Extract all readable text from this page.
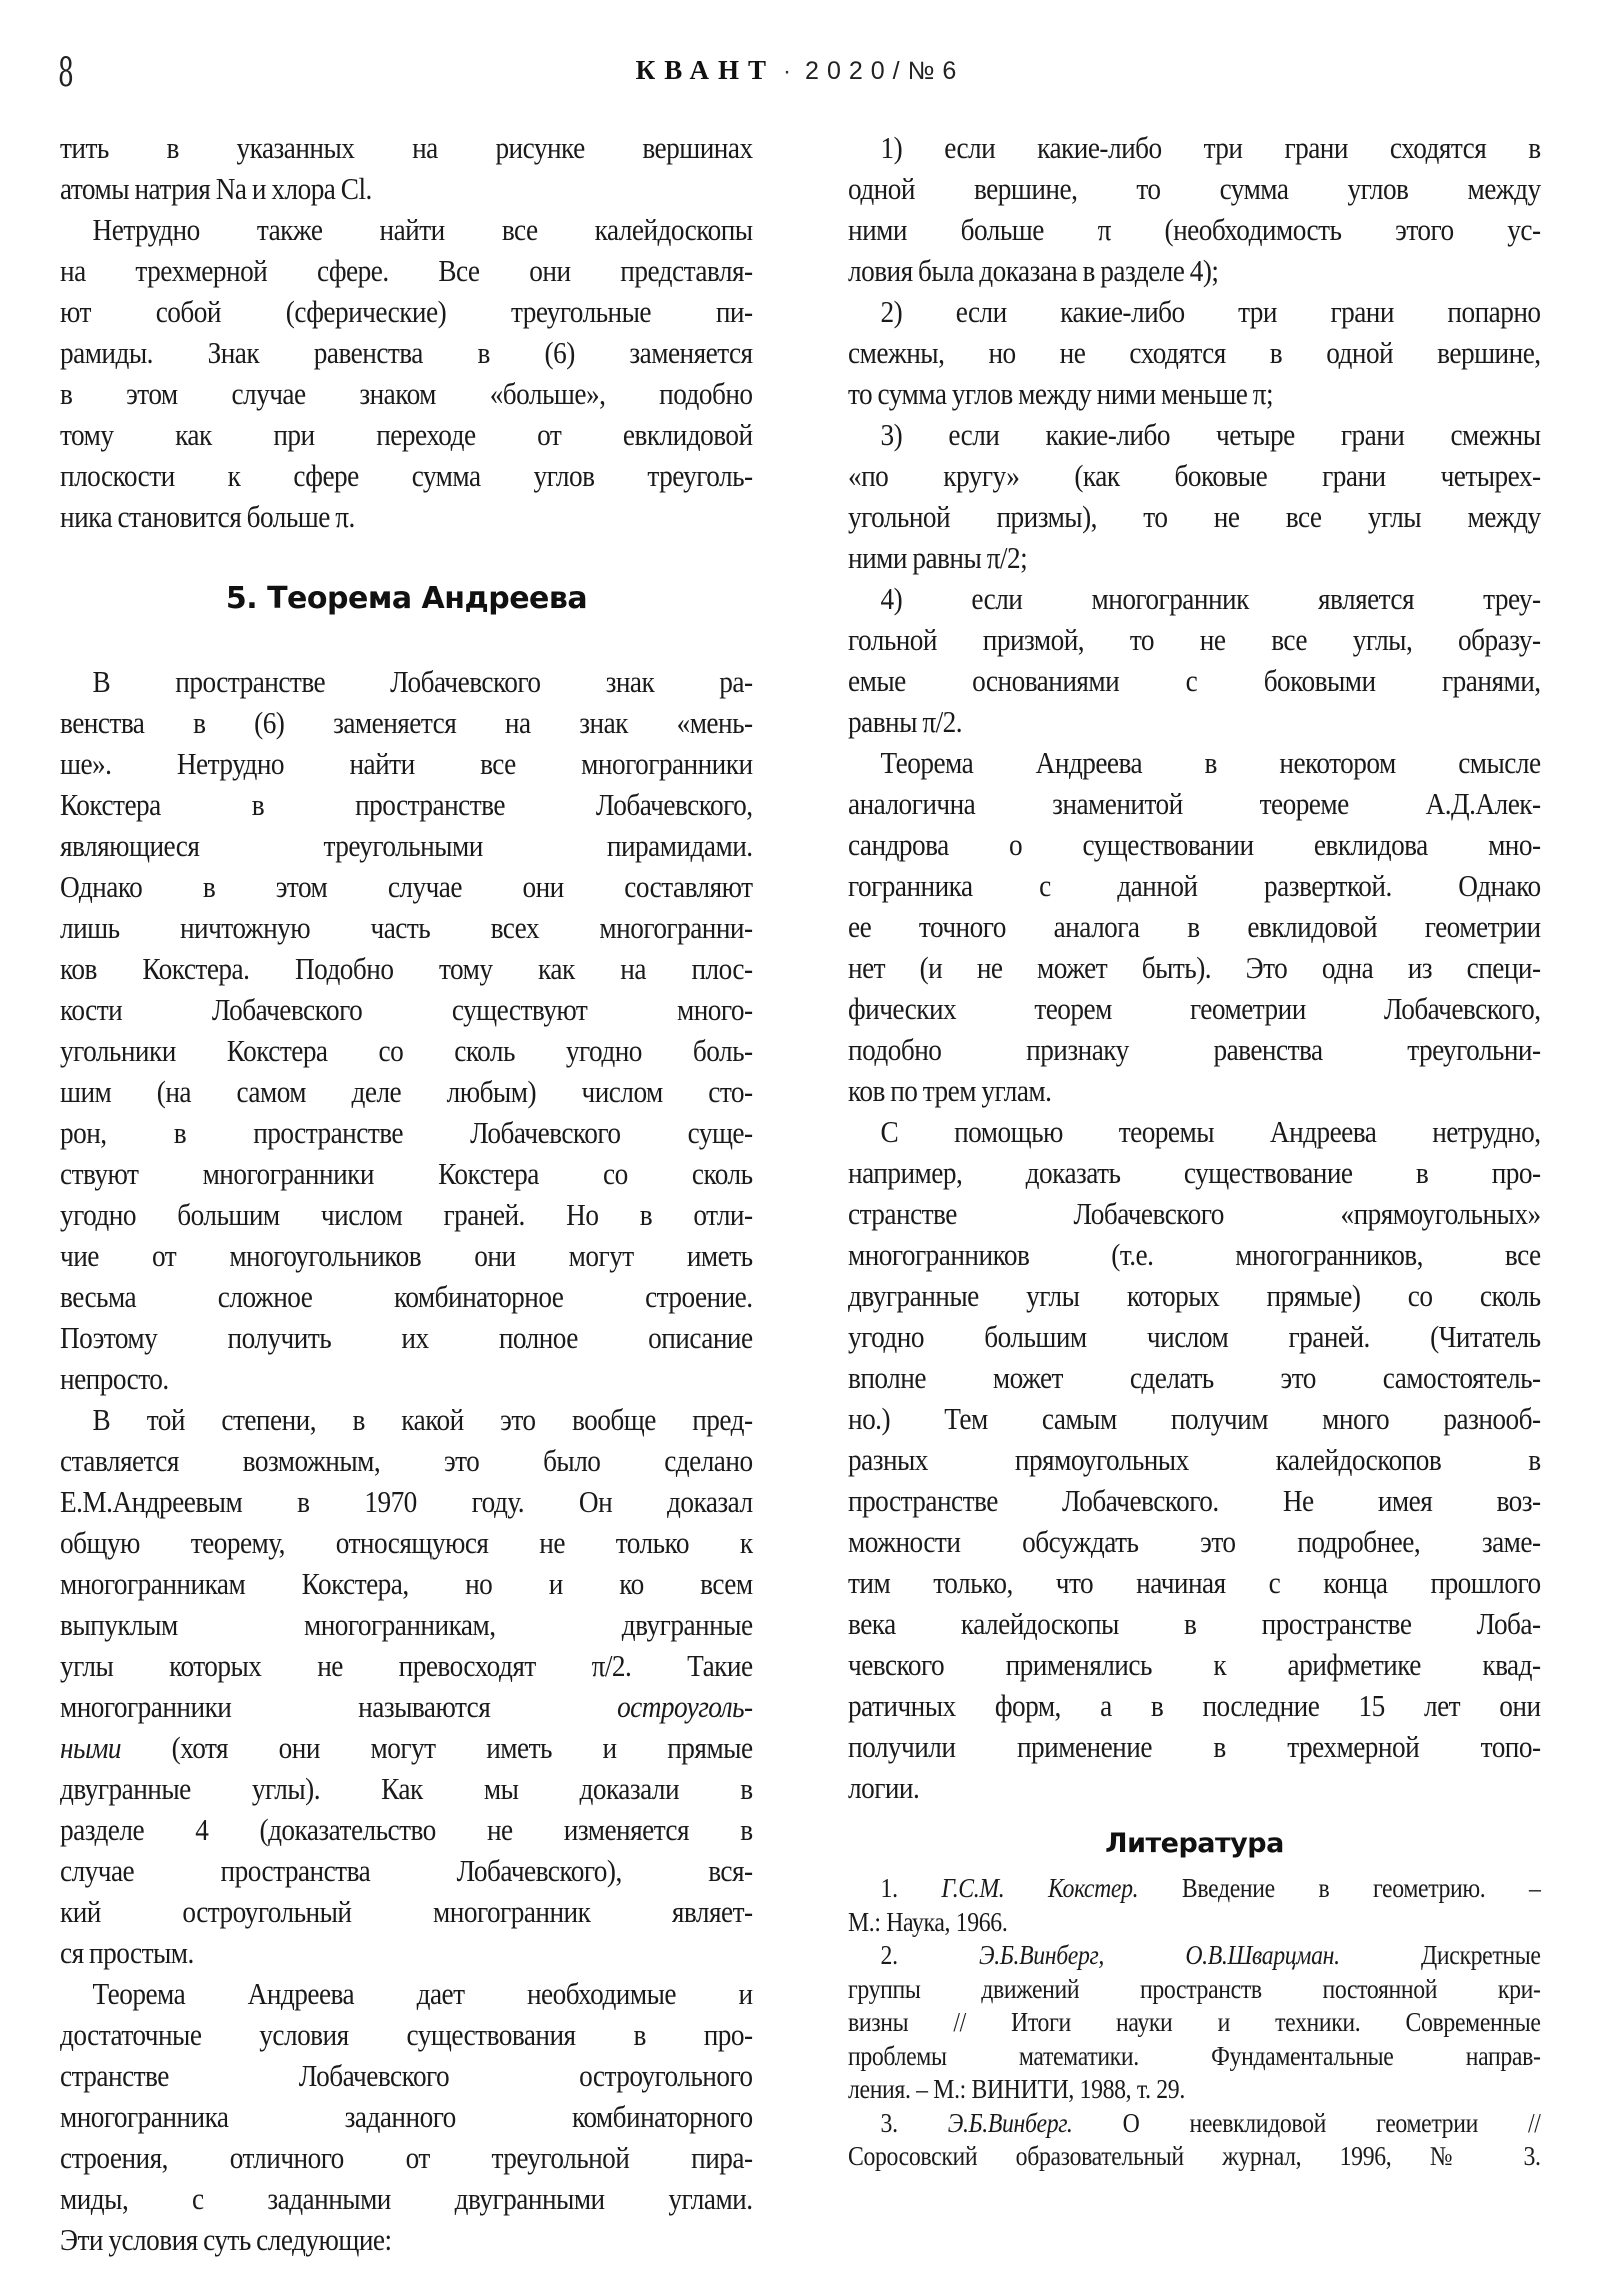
8	КВАНТ · 2020/№6
тить в указанных на рисунке вершинах
атомы натрия Na и хлора Cl.
Нетрудно также найти все калейдоскопы
на трехмерной сфере. Все они представля-
ют собой (сферические) треугольные пи-
рамиды. Знак равенства в (6) заменяется
в этом случае знаком «больше», подобно
тому как при переходе от евклидовой
плоскости к сфере сумма углов треуголь-
ника становится больше π.
5. Теорема Андреева
В пространстве Лобачевского знак ра-
венства в (6) заменяется на знак «мень-
ше». Нетрудно найти все многогранники
Кокстера в пространстве Лобачевского,
являющиеся треугольными пирамидами.
Однако в этом случае они составляют
лишь ничтожную часть всех многогранни-
ков Кокстера. Подобно тому как на плос-
кости Лобачевского существуют много-
угольники Кокстера со сколь угодно боль-
шим (на самом деле любым) числом сто-
рон, в пространстве Лобачевского суще-
ствуют многогранники Кокстера со сколь
угодно большим числом граней. Но в отли-
чие от многоугольников они могут иметь
весьма сложное комбинаторное строение.
Поэтому получить их полное описание
непросто.
В той степени, в какой это вообще пред-
ставляется возможным, это было сделано
Е.М.Андреевым в 1970 году. Он доказал
общую теорему, относящуюся не только к
многогранникам Кокстера, но и ко всем
выпуклым многогранникам, двугранные
углы которых не превосходят π/2. Такие
многогранники называются	остроуголь-
ными (хотя они могут иметь и прямые
двугранные углы). Как мы доказали в
разделе 4 (доказательство не изменяется в
случае пространства Лобачевского), вся-
кий остроугольный многогранник являет-
ся простым.
Теорема Андреева дает необходимые и
достаточные условия существования в про-
странстве Лобачевского остроугольного
многогранника заданного комбинаторного
строения, отличного от треугольной пира-
миды, с заданными двугранными углами.
Эти условия суть следующие:
1) если какие-либо три грани сходятся в
одной вершине, то сумма углов между
ними больше π (необходимость этого ус-
ловия была доказана в разделе 4);
2) если какие-либо три грани попарно
смежны, но не сходятся в одной вершине,
то сумма углов между ними меньше π;
3) если какие-либо четыре грани смежны
«по кругу» (как боковые грани четырех-
угольной призмы), то не все углы между
ними равны π/2;
4) если многогранник является треу-
гольной призмой, то не все углы, образу-
емые основаниями с боковыми гранями,
равны π/2.
Теорема Андреева в некотором смысле
аналогична знаменитой теореме А.Д.Алек-
сандрова о существовании евклидова мно-
гогранника с данной разверткой. Однако
ее точного аналога в евклидовой геометрии
нет (и не может быть). Это одна из специ-
фических теорем геометрии Лобачевского,
подобно признаку равенства треугольни-
ков по трем углам.
С помощью теоремы Андреева нетрудно,
например, доказать существование в про-
странстве Лобачевского «прямоугольных»
многогранников (т.е. многогранников, все
двугранные углы которых прямые) со сколь
угодно большим числом граней. (Читатель
вполне может сделать это самостоятель-
но.) Тем самым получим много разнооб-
разных прямоугольных калейдоскопов в
пространстве Лобачевского. Не имея воз-
можности обсуждать это подробнее, заме-
тим только, что начиная с конца прошлого
века калейдоскопы в пространстве Лоба-
чевского применялись к арифметике квад-
ратичных форм, а в последние 15 лет они
получили применение в трехмерной топо-
логии.
Литература
1. Г.С.М. Кокстер. Введение в геометрию. –
М.: Наука, 1966.
2.	Э.Б.Винберг, О.В.Шварцман.	Дискретные
группы движений пространств постоянной кри-
визны // Итоги науки и техники. Современные
проблемы математики. Фундаментальные направ-
ления. – М.: ВИНИТИ, 1988, т. 29.
3. Э.Б.Винберг. О неевклидовой геометрии //
Соросовский образовательный журнал, 1996, № 3.
